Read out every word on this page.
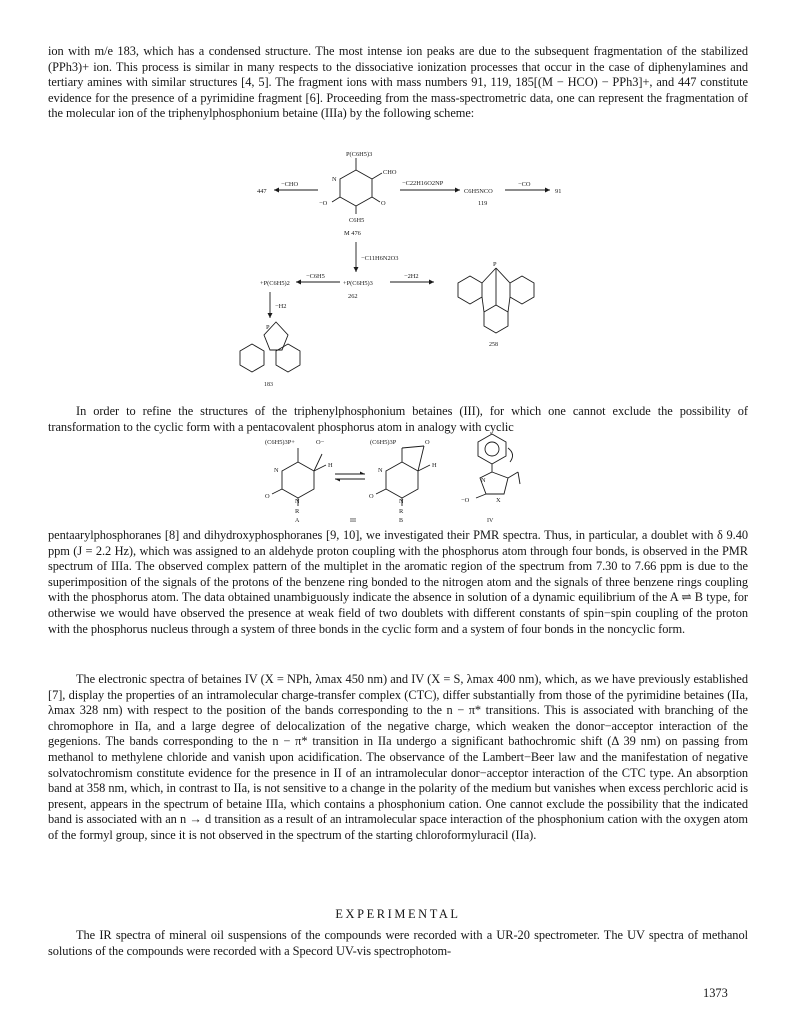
ion with m/e 183, which has a condensed structure. The most intense ion peaks are due to the subsequent fragmentation of the stabilized (PPh3)+ ion. This process is similar in many respects to the dissociative ionization processes that occur in the case of diphenylamines and tertiary amines with similar structures [4, 5]. The fragment ions with mass numbers 91, 119, 185[(M − HCO) − PPh3]+, and 447 constitute evidence for the presence of a pyrimidine fragment [6]. Proceeding from the mass-spectrometric data, one can represent the fragmentation of the molecular ion of the triphenylphosphonium betaine (IIIa) by the following scheme:

447
−CHO
P(C6H5)3
CHO
N
−O	O
C6H5
M 476
−C22H16O2NP
C6H5NCO
119
−CO
91
−C11H6N2O3
+P(C6H5)2
−C6H5
+P(C6H5)3
262
−2H2
P
258
−H2
P
183

In order to refine the structures of the triphenylphosphonium betaines (III), for which one cannot exclude the possibility of transformation to the cyclic form with a pentacovalent phosphorus atom in analogy with cyclic

(C6H5)3P+	O−
H
N
N
O
R
A	III
(C6H5)3P	O
H
N
N
O
R
B
−O	X
N
IV

pentaarylphosphoranes [8] and dihydroxyphosphoranes [9, 10], we investigated their PMR spectra. Thus, in particular, a doublet with δ 9.40 ppm (J = 2.2 Hz), which was assigned to an aldehyde proton coupling with the phosphorus atom through four bonds, is observed in the PMR spectrum of IIIa. The observed complex pattern of the multiplet in the aromatic region of the spectrum from 7.30 to 7.66 ppm is due to the superimposition of the signals of the protons of the benzene ring bonded to the nitrogen atom and the signals of three benzene rings coupling with the phosphorus atom. The data obtained unambiguously indicate the absence in solution of a dynamic equilibrium of the A ⇌ B type, for otherwise we would have observed the presence at weak field of two doublets with different constants of spin−spin coupling of the proton with the phosphorus nucleus through a system of three bonds in the cyclic form and a system of four bonds in the noncyclic form.

The electronic spectra of betaines IV (X = NPh, λmax 450 nm) and IV (X = S, λmax 400 nm), which, as we have previously established [7], display the properties of an intramolecular charge-transfer complex (CTC), differ substantially from those of the pyrimidine betaines (IIa, λmax 328 nm) with respect to the position of the bands corresponding to the n − π* transitions. This is associated with branching of the chromophore in IIa, and a large degree of delocalization of the negative charge, which weaken the donor−acceptor interaction of the gegenions. The bands corresponding to the n − π* transition in IIa undergo a significant bathochromic shift (Δ 39 nm) on passing from methanol to methylene chloride and vanish upon acidification. The observance of the Lambert−Beer law and the manifestation of negative solvatochromism constitute evidence for the presence in II of an intramolecular donor−acceptor interaction of the CTC type. An absorption band at 358 nm, which, in contrast to IIa, is not sensitive to a change in the polarity of the medium but vanishes when excess perchloric acid is present, appears in the spectrum of betaine IIIa, which contains a phosphonium cation. One cannot exclude the possibility that the indicated band is associated with an n → d transition as a result of an intramolecular space interaction of the phosphonium cation with the oxygen atom of the formyl group, since it is not observed in the spectrum of the starting chloroformyluracil (IIa).

EXPERIMENTAL

The IR spectra of mineral oil suspensions of the compounds were recorded with a UR-20 spectrometer. The UV spectra of methanol solutions of the compounds were recorded with a Specord UV-vis spectrophotom-

1373
